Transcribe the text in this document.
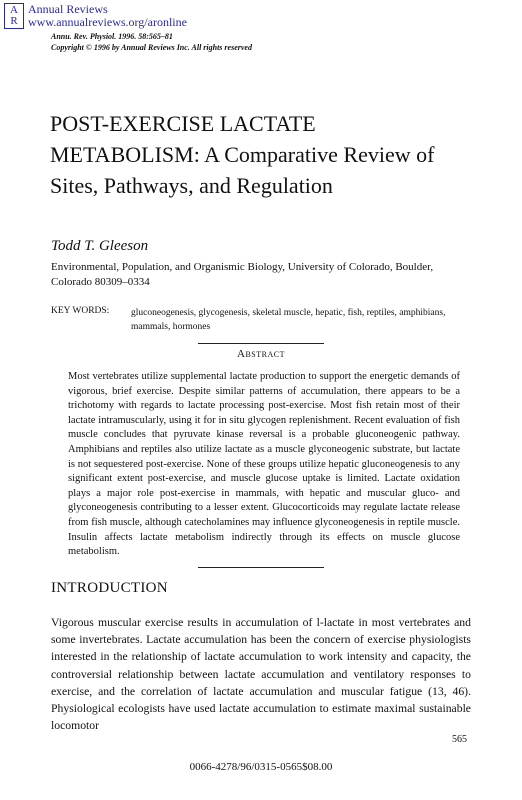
A
R
Annual Reviews
www.annualreviews.org/aronline
Annu. Rev. Physiol. 1996. 58:565–81
Copyright © 1996 by Annual Reviews Inc. All rights reserved
POST-EXERCISE LACTATE METABOLISM: A Comparative Review of Sites, Pathways, and Regulation
Todd T. Gleeson
Environmental, Population, and Organismic Biology, University of Colorado, Boulder, Colorado 80309–0334
KEY WORDS: gluconeogenesis, glycogenesis, skeletal muscle, hepatic, fish, reptiles, amphibians, mammals, hormones
Abstract

Most vertebrates utilize supplemental lactate production to support the energetic demands of vigorous, brief exercise. Despite similar patterns of accumulation, there appears to be a trichotomy with regards to lactate processing post-exercise. Most fish retain most of their lactate intramuscularly, using it for in situ glycogen replenishment. Recent evaluation of fish muscle concludes that pyruvate kinase reversal is a probable gluconeogenic pathway. Amphibians and reptiles also utilize lactate as a muscle glyconeogenic substrate, but lactate is not sequestered post-exercise. None of these groups utilize hepatic gluconeogenesis to any significant extent post-exercise, and muscle glucose uptake is limited. Lactate oxidation plays a major role post-exercise in mammals, with hepatic and muscular gluco- and glyconeogenesis contributing to a lesser extent. Glucocorticoids may regulate lactate release from fish muscle, although catecholamines may influence glyconeogenesis in reptile muscle. Insulin affects lactate metabolism indirectly through its effects on muscle glucose metabolism.

INTRODUCTION

Vigorous muscular exercise results in accumulation of l-lactate in most vertebrates and some invertebrates. Lactate accumulation has been the concern of exercise physiologists interested in the relationship of lactate accumulation to work intensity and capacity, the controversial relationship between lactate accumulation and ventilatory responses to exercise, and the correlation of lactate accumulation and muscular fatigue (13, 46). Physiological ecologists have used lactate accumulation to estimate maximal sustainable locomotor

565
0066-4278/96/0315-0565$08.00
